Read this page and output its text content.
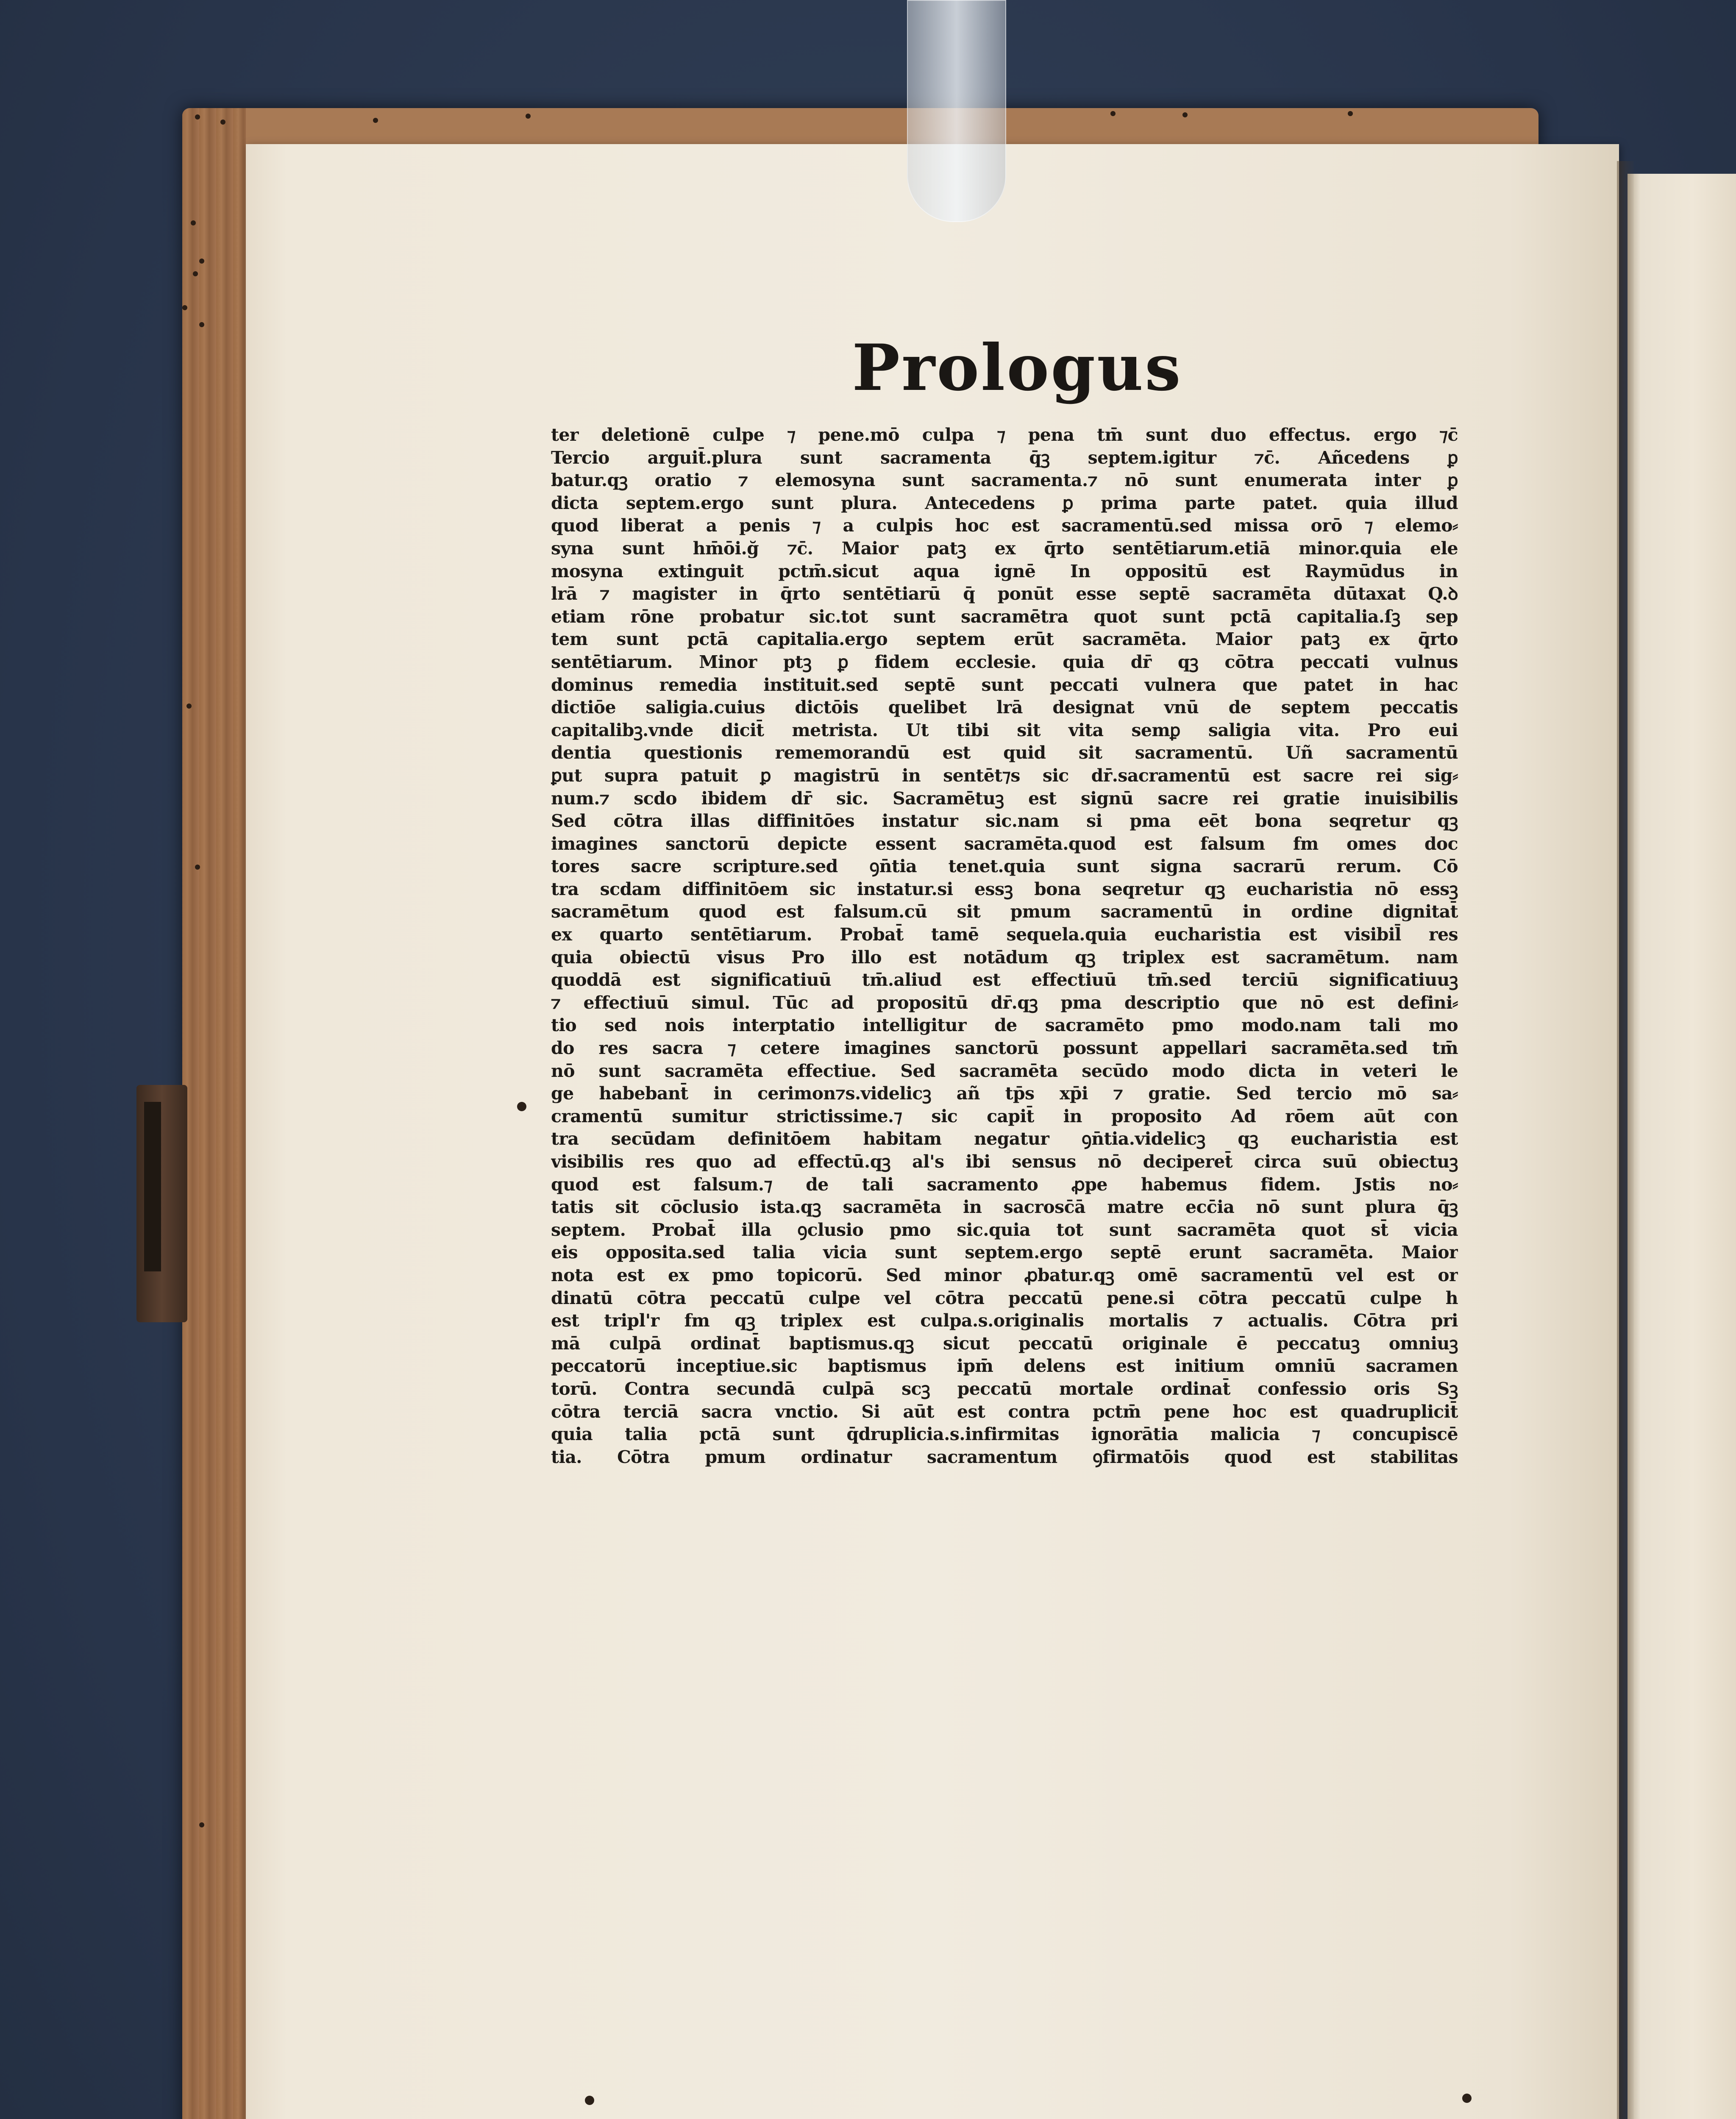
Prologus
ter deletionē culpe ⁊ pene.mō culpa ⁊ pena tm̄ sunt duo effectus. ergo ⁊c̄
Tercio arguit̄.plura sunt sacramenta q̄ꝫ septem.igitur ⁊c̄. Añcedens ꝑ
batur.qꝫ oratio ⁊ elemosyna sunt sacramenta.⁊ nō sunt enumerata inter ꝑ
dicta septem.ergo sunt plura. Antecedens ꝑ prima parte patet. quia illud
quod liberat a penis ⁊ a culpis hoc est sacramentū.sed missa orō ⁊ elemo⸗
syna sunt hm̄ōi.ğ ⁊c̄. Maior patꝫ ex q̄rto sentētiarum.etiā minor.quia ele
mosyna extinguit pctm̄.sicut aqua ignē In oppositū est Raymūdus in
lrā ⁊ magister in q̄rto sentētiarū q̄ ponūt esse septē sacramēta dūtaxat Q.ꝺ
etiam rōne probatur sic.tot sunt sacramētra quot sunt pctā capitalia.ſꝫ sep
tem sunt pctā capitalia.ergo septem erūt sacramēta. Maior patꝫ ex q̄rto
sentētiarum. Minor ptꝫ ꝑ fidem ecclesie. quia dr̄ qꝫ cōtra peccati vulnus
dominus remedia instituit.sed septē sunt peccati vulnera que patet in hac
dictiōe saligia.cuius dictōis quelibet lrā designat vnū de septem peccatis
capitalibꝫ.vnde dicit̄ metrista. Ut tibi sit vita semꝑ saligia vita. Pro eui
dentia questionis rememorandū est quid sit sacramentū. Uñ sacramentū
ꝑut supra patuit ꝑ magistrū in sentēt⁊s sic dr̄.sacramentū est sacre rei sig⸗
num.⁊ scdo ibidem dr̄ sic. Sacramētuꝫ est signū sacre rei gratie inuisibilis
Sed cōtra illas diffinitōes instatur sic.nam si pma eēt bona seqretur qꝫ
imagines sanctorū depicte essent sacramēta.quod est falsum fm omes doc
tores sacre scripture.sed ꝯn̄tia tenet.quia sunt signa sacrarū rerum. Cō
tra scdam diffinitōem sic instatur.si essꝫ bona seqretur qꝫ eucharistia nō essꝫ
sacramētum quod est falsum.cū sit pmum sacramentū in ordine dignitat̄
ex quarto sentētiarum. Probat̄ tamē sequela.quia eucharistia est visibil̄ res
quia obiectū visus Pro illo est notādum qꝫ triplex est sacramētum. nam
quoddā est significatiuū tm̄.aliud est effectiuū tm̄.sed terciū significatiuuꝫ
⁊ effectiuū simul. Tūc ad propositū dr̄.qꝫ pma descriptio que nō est defini⸗
tio sed nois interptatio intelligitur de sacramēto pmo modo.nam tali mo
do res sacra ⁊ cetere imagines sanctorū possunt appellari sacramēta.sed tm̄
nō sunt sacramēta effectiue. Sed sacramēta secūdo modo dicta in veteri le
ge habebant̄ in cerimon⁊s.videlicꝫ añ tp̄s xp̄i ⁊ gratie. Sed tercio mō sa⸗
cramentū sumitur strictissime.⁊ sic capit̄ in proposito Ad rōem aūt con
tra secūdam definitōem habitam negatur ꝯn̄tia.videlicꝫ qꝫ eucharistia est
visibilis res quo ad effectū.qꝫ al's ibi sensus nō deciperet̄ circa suū obiectuꝫ
quod est falsum.⁊ de tali sacramento ꝓpe habemus fidem. Jstis no⸗
tatis sit cōclusio ista.qꝫ sacramēta in sacrosc̄ā matre ecc̄ia nō sunt plura q̄ꝫ
septem. Probat̄ illa ꝯclusio pmo sic.quia tot sunt sacramēta quot st̄ vicia
eis opposita.sed talia vicia sunt septem.ergo septē erunt sacramēta. Maior
nota est ex pmo topicorū. Sed minor ꝓbatur.qꝫ omē sacramentū vel est or
dinatū cōtra peccatū culpe vel cōtra peccatū pene.si cōtra peccatū culpe h
est tripl'r fm qꝫ triplex est culpa.s.originalis mortalis ⁊ actualis. Cōtra pri
mā culpā ordinat̄ baptismus.qꝫ sicut peccatū originale ē peccatuꝫ omniuꝫ
peccatorū inceptiue.sic baptismus ipm̄ delens est initium omniū sacramen
torū. Contra secundā culpā scꝫ peccatū mortale ordinat̄ confessio oris Sꝫ
cōtra terciā sacra vnctio. Si aūt est contra pctm̄ pene hoc est quadruplicit̄
quia talia pctā sunt q̄druplicia.s.infirmitas ignorātia malicia ⁊ concupiscē
tia. Cōtra pmum ordinatur sacramentum ꝯfirmatōis quod est stabilitas
